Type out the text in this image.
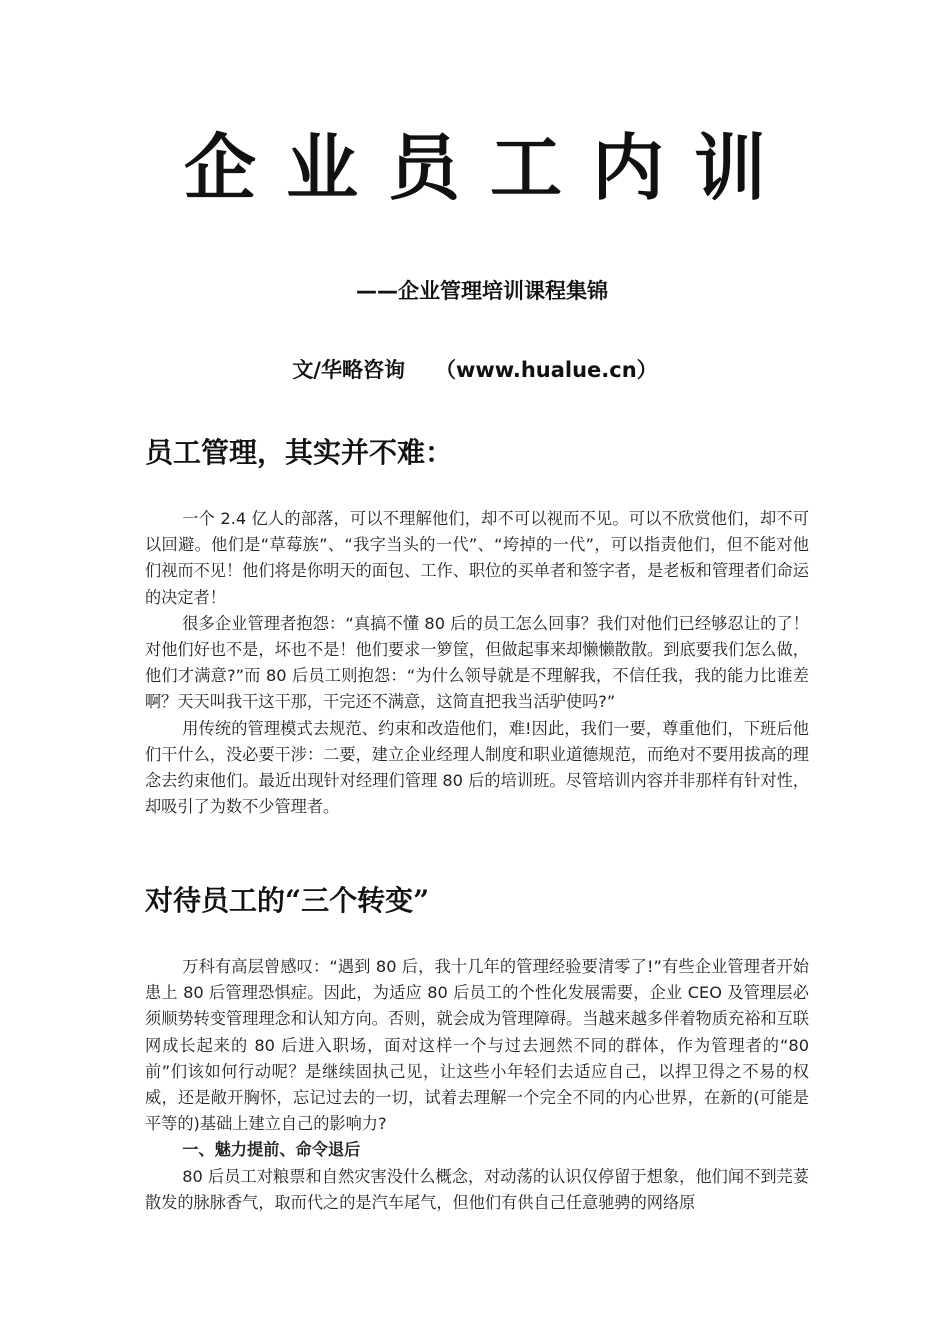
企业员工内训
——企业管理培训课程集锦
文/华略咨询 （www.hualue.cn）
员工管理，其实并不难：

一个 2.4 亿人的部落，可以不理解他们，却不可以视而不见。可以不欣赏他们，却不可以回避。他们是“草莓族”、“我字当头的一代”、“垮掉的一代”，可以指责他们，但不能对他们视而不见！他们将是你明天的面包、工作、职位的买单者和签字者，是老板和管理者们命运的决定者！

很多企业管理者抱怨：“真搞不懂 80 后的员工怎么回事？我们对他们已经够忍让的了！对他们好也不是，坏也不是！他们要求一箩筐，但做起事来却懒懒散散。到底要我们怎么做，他们才满意?”而 80 后员工则抱怨：“为什么领导就是不理解我，不信任我，我的能力比谁差啊？天天叫我干这干那，干完还不满意，这简直把我当活驴使吗?”

用传统的管理模式去规范、约束和改造他们，难!因此，我们一要，尊重他们，下班后他们干什么，没必要干涉：二要，建立企业经理人制度和职业道德规范，而绝对不要用拔高的理念去约束他们。最近出现针对经理们管理 80 后的培训班。尽管培训内容并非那样有针对性，却吸引了为数不少管理者。

对待员工的“三个转变”

万科有高层曾感叹：“遇到 80 后，我十几年的管理经验要清零了!”有些企业管理者开始患上 80 后管理恐惧症。因此，为适应 80 后员工的个性化发展需要，企业 CEO 及管理层必须顺势转变管理理念和认知方向。否则，就会成为管理障碍。当越来越多伴着物质充裕和互联网成长起来的 80 后进入职场，面对这样一个与过去迥然不同的群体，作为管理者的“80 前”们该如何行动呢？是继续固执己见，让这些小年轻们去适应自己，以捍卫得之不易的权威，还是敞开胸怀，忘记过去的一切，试着去理解一个完全不同的内心世界，在新的(可能是平等的)基础上建立自己的影响力?

一、魅力提前、命令退后

80 后员工对粮票和自然灾害没什么概念，对动荡的认识仅停留于想象，他们闻不到芫荽散发的脉脉香气，取而代之的是汽车尾气，但他们有供自己任意驰骋的网络原
